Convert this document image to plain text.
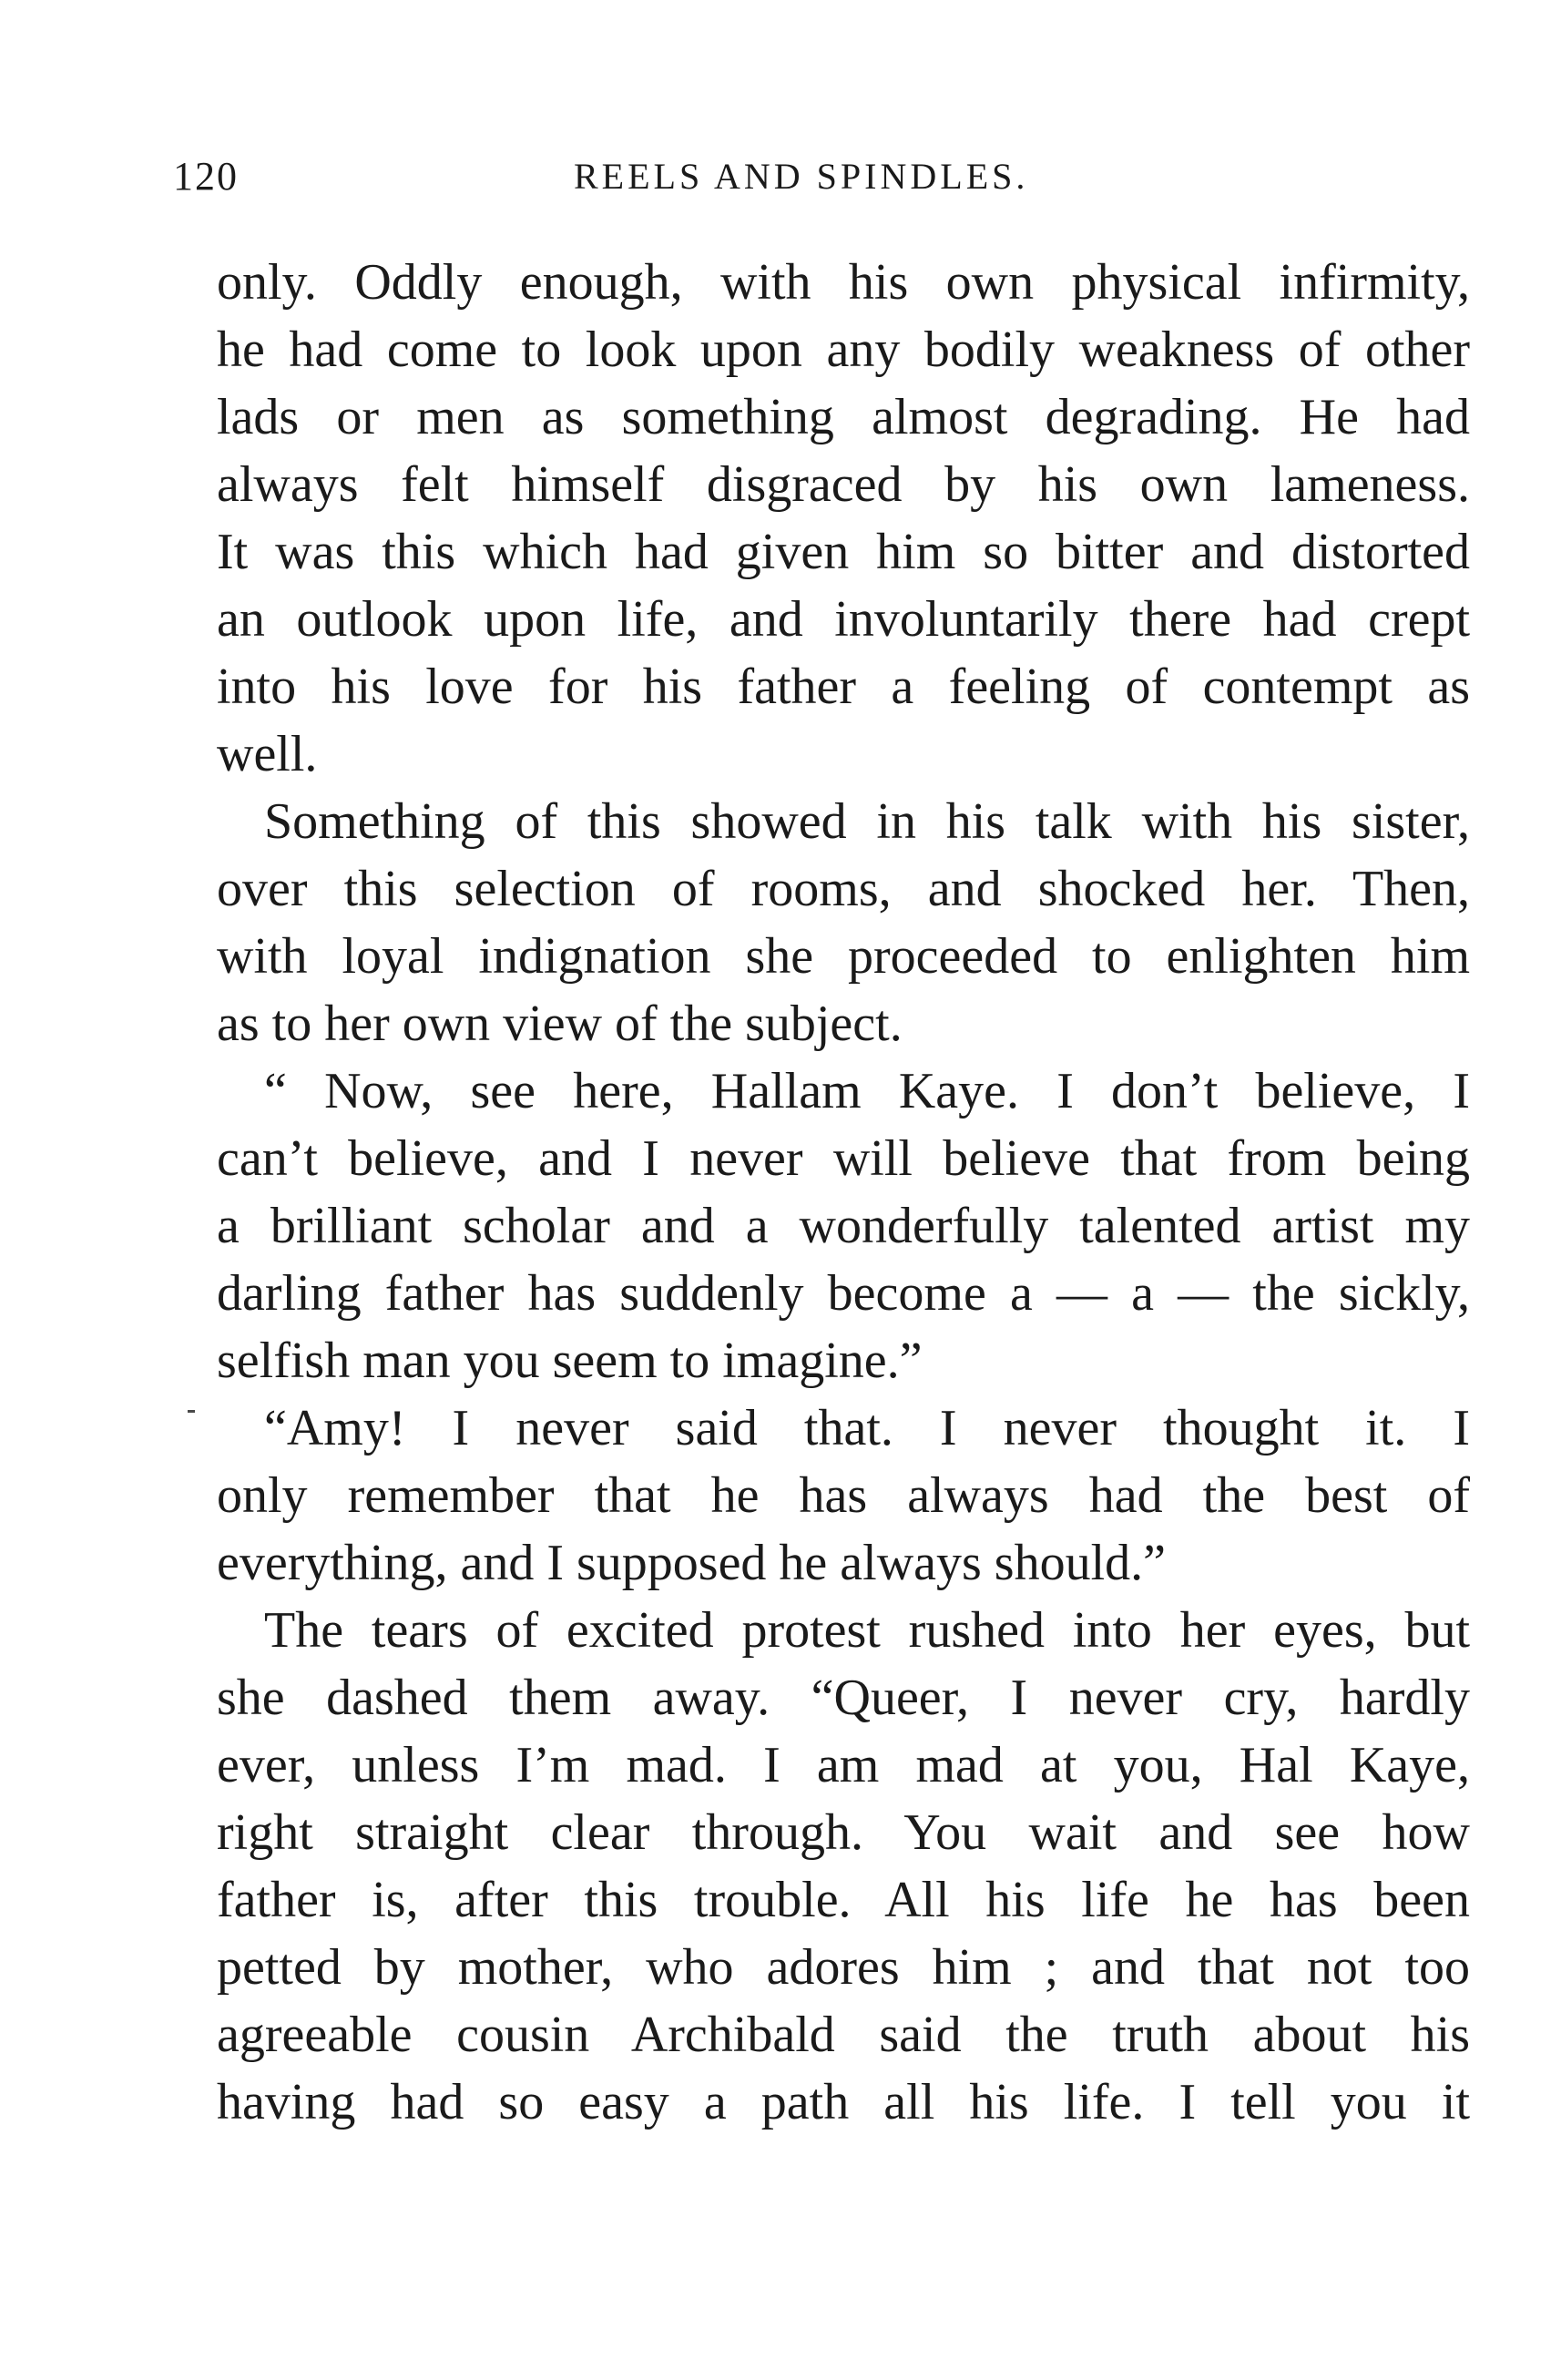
120	REELS AND SPINDLES.
only. Oddly enough, with his own physical infirmity,
he had come to look upon any bodily weakness of other
lads or men as something almost degrading. He had
always felt himself disgraced by his own lameness.
It was this which had given him so bitter and distorted
an outlook upon life, and involuntarily there had crept
into his love for his father a feeling of contempt as
well.
Something of this showed in his talk with his sister,
over this selection of rooms, and shocked her. Then,
with loyal indignation she proceeded to enlighten him
as to her own view of the subject.
“ Now, see here, Hallam Kaye. I don’t believe, I
can’t believe, and I never will believe that from being
a brilliant scholar and a wonderfully talented artist my
darling father has suddenly become a — a — the sickly,
selfish man you seem to imagine.”
“Amy! I never said that. I never thought it. I
only remember that he has always had the best of
everything, and I supposed he always should.”
The tears of excited protest rushed into her eyes, but
she dashed them away. “Queer, I never cry, hardly
ever, unless I’m mad. I am mad at you, Hal Kaye,
right straight clear through. You wait and see how
father is, after this trouble. All his life he has been
petted by mother, who adores him ; and that not too
agreeable cousin Archibald said the truth about his
having had so easy a path all his life. I tell you it
